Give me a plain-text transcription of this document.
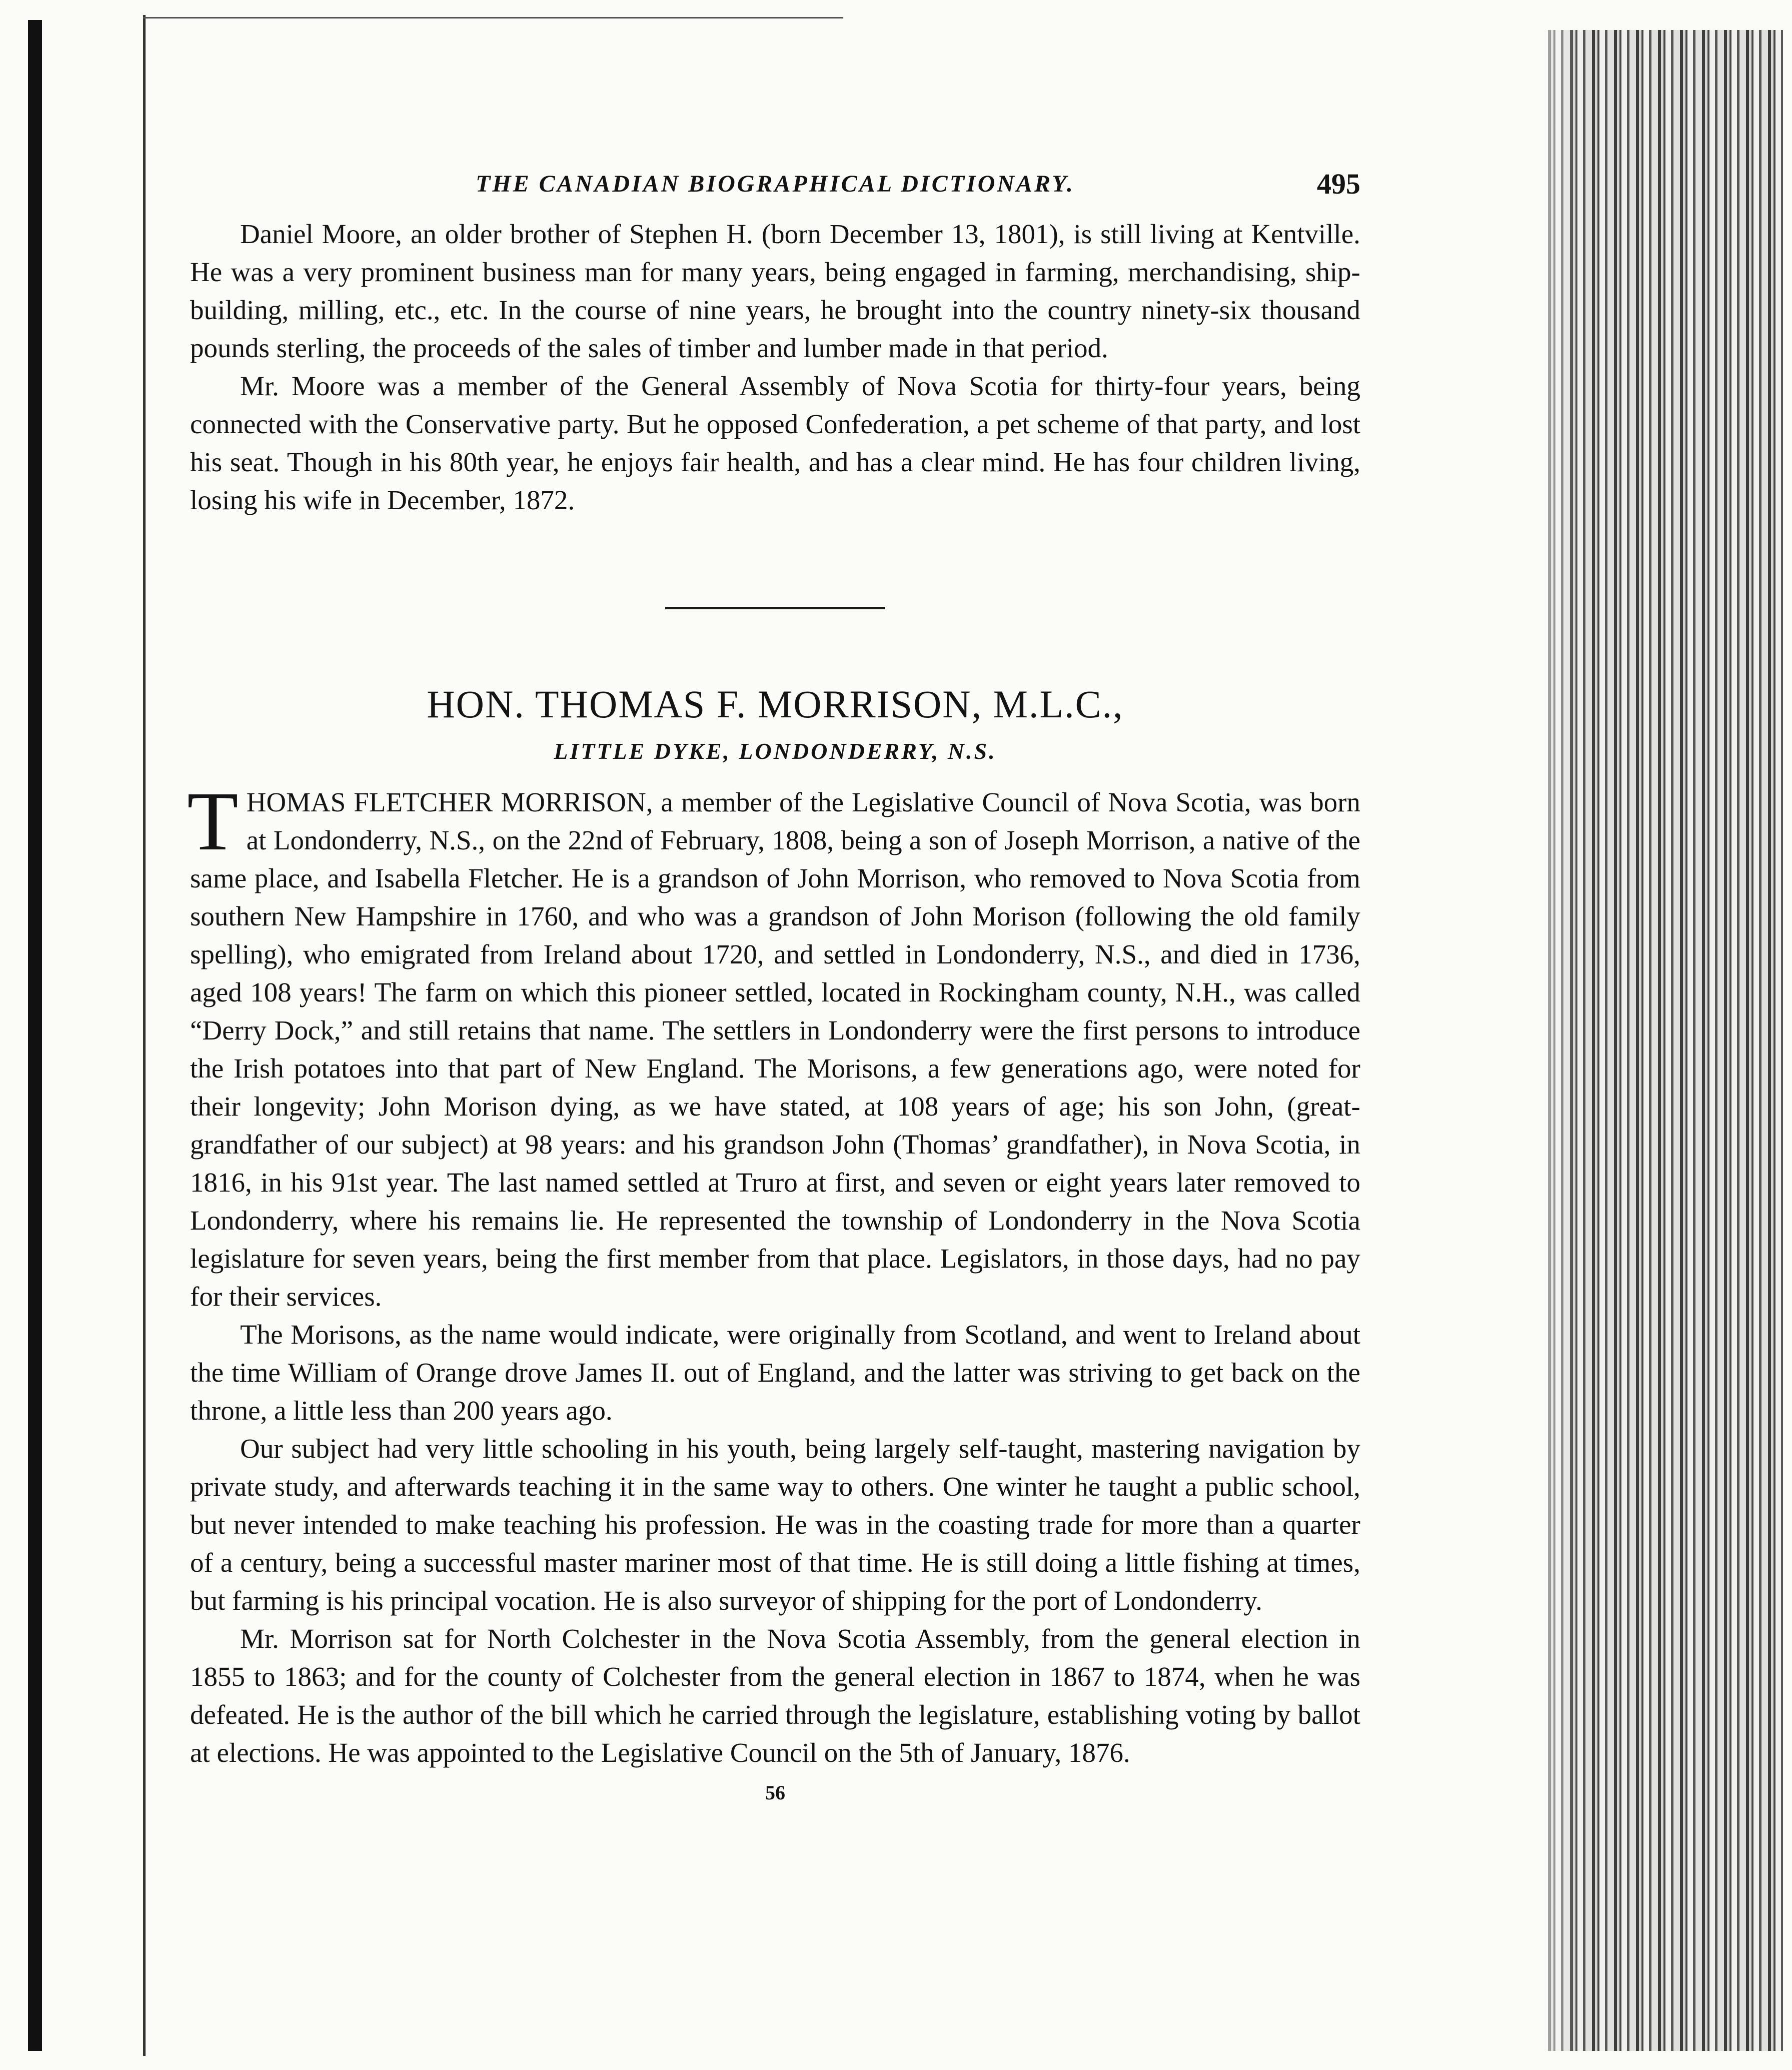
THE CANADIAN BIOGRAPHICAL DICTIONARY.	495

Daniel Moore, an older brother of Stephen H. (born December 13, 1801), is still living at Kentville. He was a very prominent business man for many years, being engaged in farming, merchandising, ship-building, milling, etc., etc. In the course of nine years, he brought into the country ninety-six thousand pounds sterling, the proceeds of the sales of timber and lumber made in that period.

Mr. Moore was a member of the General Assembly of Nova Scotia for thirty-four years, being connected with the Conservative party. But he opposed Confederation, a pet scheme of that party, and lost his seat. Though in his 80th year, he enjoys fair health, and has a clear mind. He has four children living, losing his wife in December, 1872.

HON. THOMAS F. MORRISON, M.L.C.,
LITTLE DYKE, LONDONDERRY, N.S.

THOMAS FLETCHER MORRISON, a member of the Legislative Council of Nova Scotia, was born at Londonderry, N.S., on the 22nd of February, 1808, being a son of Joseph Morrison, a native of the same place, and Isabella Fletcher. He is a grandson of John Morrison, who removed to Nova Scotia from southern New Hampshire in 1760, and who was a grandson of John Morison (following the old family spelling), who emigrated from Ireland about 1720, and settled in Londonderry, N.S., and died in 1736, aged 108 years! The farm on which this pioneer settled, located in Rockingham county, N.H., was called “Derry Dock,” and still retains that name. The settlers in Londonderry were the first persons to introduce the Irish potatoes into that part of New England. The Morisons, a few generations ago, were noted for their longevity; John Morison dying, as we have stated, at 108 years of age; his son John, (great-grandfather of our subject) at 98 years: and his grandson John (Thomas’ grandfather), in Nova Scotia, in 1816, in his 91st year. The last named settled at Truro at first, and seven or eight years later removed to Londonderry, where his remains lie. He represented the township of Londonderry in the Nova Scotia legislature for seven years, being the first member from that place. Legislators, in those days, had no pay for their services.

The Morisons, as the name would indicate, were originally from Scotland, and went to Ireland about the time William of Orange drove James II. out of England, and the latter was striving to get back on the throne, a little less than 200 years ago.

Our subject had very little schooling in his youth, being largely self-taught, mastering navigation by private study, and afterwards teaching it in the same way to others. One winter he taught a public school, but never intended to make teaching his profession. He was in the coasting trade for more than a quarter of a century, being a successful master mariner most of that time. He is still doing a little fishing at times, but farming is his principal vocation. He is also surveyor of shipping for the port of Londonderry.

Mr. Morrison sat for North Colchester in the Nova Scotia Assembly, from the general election in 1855 to 1863; and for the county of Colchester from the general election in 1867 to 1874, when he was defeated. He is the author of the bill which he carried through the legislature, establishing voting by ballot at elections. He was appointed to the Legislative Council on the 5th of January, 1876.

56
